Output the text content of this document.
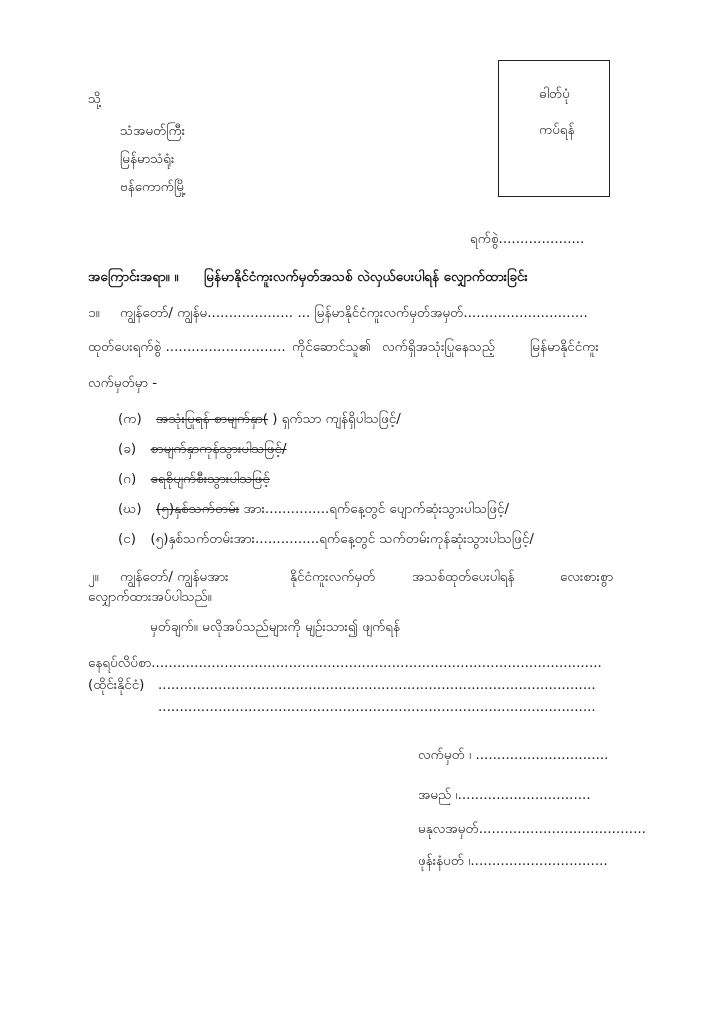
ဓါတ်ပုံ
ကပ်ရန်
သို့
သံအမတ်ကြီး
မြန်မာသံရုံး
ဗန်ကောက်မြို့
ရက်စွဲ....................
အကြောင်းအရာ။ ။ မြန်မာနိုင်ငံကူးလက်မှတ်အသစ် လဲလှယ်ပေးပါရန် လျှောက်ထားခြင်း
၁။ ကျွန်တော်/ ကျွန်မ.................... ... မြန်မာနိုင်ငံကူးလက်မှတ်အမှတ်.............................
ထုတ်ပေးရက်စွဲ ............................ ကိုင်ဆောင်သူ၏ လက်ရှိအသုံးပြုနေသည့်	မြန်မာနိုင်ငံကူး
လက်မှတ်မှာ -
(က) အသုံးပြုရန် စာမျက်နှာ( ) ရှက်သာ ကျန်ရှိပါသဖြင့်/
(ခ) စာမျက်နှာကုန်သွားပါသဖြင့်/
(ဂ) ရေစိုပျက်စီးသွားပါသဖြင့်
(ဃ) (၅)နှစ်သက်တမ်း အား...............ရက်နေ့တွင် ပျောက်ဆုံးသွားပါသဖြင့်/
(င) (၅)နှစ်သက်တမ်းအား...............ရက်နေ့တွင် သက်တမ်းကုန်ဆုံးသွားပါသဖြင့်/
၂။ ကျွန်တော်/ ကျွန်မအား	နိုင်ငံကူးလက်မှတ်	အသစ်ထုတ်ပေးပါရန်	လေးစားစွာ
လျှောက်ထားအပ်ပါသည်။
မှတ်ချက်။ မလိုအပ်သည်များကို မျဉ်းသား၍ ဖျက်ရန်
နေရပ်လိပ်စာ.........................................................................................................
(ထိုင်းနိုင်ငံ) ......................................................................................................
......................................................................................................
လက်မှတ် ၊ ...............................
အမည် ၊...............................
မနုလအမှတ်.......................................
ဖုန်းနံပတ် ၊................................
